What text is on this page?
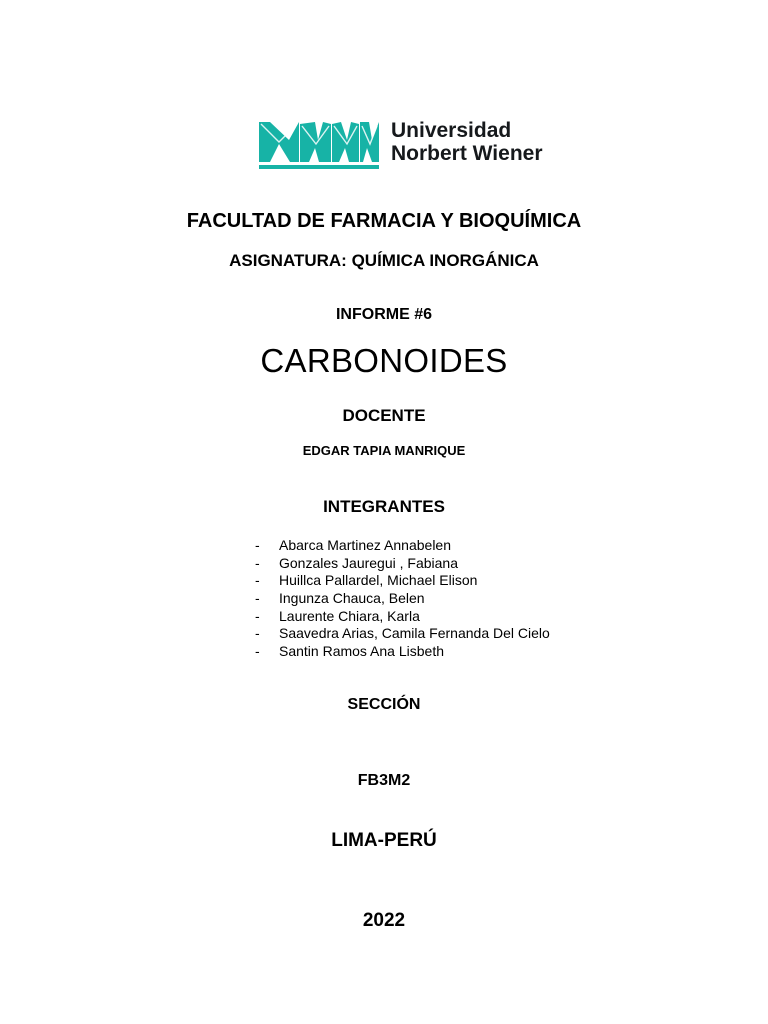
Universidad
Norbert Wiener
FACULTAD DE FARMACIA Y BIOQUÍMICA
ASIGNATURA: QUÍMICA INORGÁNICA
INFORME #6
CARBONOIDES
DOCENTE
EDGAR TAPIA MANRIQUE
INTEGRANTES
- Abarca Martinez Annabelen
- Gonzales Jauregui , Fabiana
- Huillca Pallardel, Michael Elison
- Ingunza Chauca, Belen
- Laurente Chiara, Karla
- Saavedra Arias, Camila Fernanda Del Cielo
- Santin Ramos Ana Lisbeth
SECCIÓN
FB3M2
LIMA-PERÚ
2022
